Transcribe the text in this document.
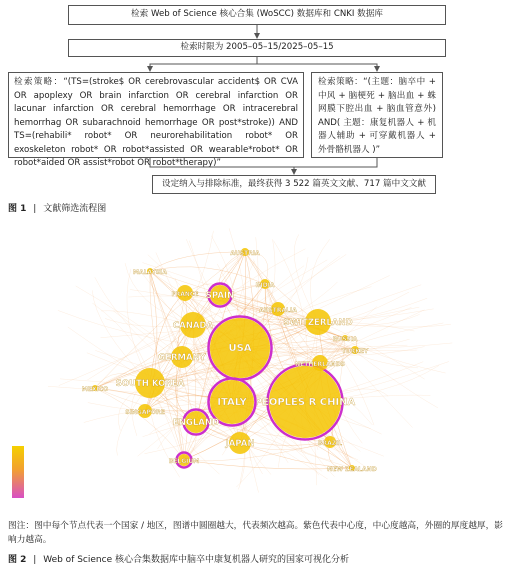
检索 Web of Science 核心合集 (WoSCC) 数据库和 CNKI 数据库
检索时限为 2005–05–15/2025–05–15
检索策略：“(TS=(stroke$ OR cerebrovascular accident$ OR CVA OR apoplexy OR brain infarction OR cerebral infarction OR lacunar infarction OR cerebral hemorrhage OR intracerebral hemorrhag OR subarachnoid hemorrhage OR post*stroke)) AND TS=(rehabili* robot* OR neurorehabilitation robot* OR exoskeleton robot* OR robot*assisted OR wearable*robot* OR robot*aided OR assist*robot OR robot*therapy)”
检索策略：“(主题：脑卒中 + 中风 + 脑梗死 + 脑出血 + 蛛网膜下腔出血 + 脑血管意外) AND( 主题：康复机器人 + 机器人辅助 + 可穿戴机器人 + 外骨骼机器人 )”
设定纳入与排除标准，最终获得 3 522 篇英文文献、717 篇中文文献
图 1 | 文献筛选流程图
USA
PEOPLES R CHINA
ITALY
SOUTH KOREA
SWITZERLAND
CANADA
ENGLAND
GERMANY
JAPAN
SPAIN
FRANCE
NETHERLANDS
AUSTRALIA
SINGAPORE
BRAZIL
BELGIUM
INDIA
TURKEY
MEXICO
MALAYSIA
RUSSIA
AUSTRIA
NEW ZEALAND
图注：图中每个节点代表一个国家 / 地区，图谱中圆圈越大，代表频次越高。紫色代表中心度，中心度越高，外圈的厚度越厚，影响力越高。
图 2 | Web of Science 核心合集数据库中脑卒中康复机器人研究的国家可视化分析
